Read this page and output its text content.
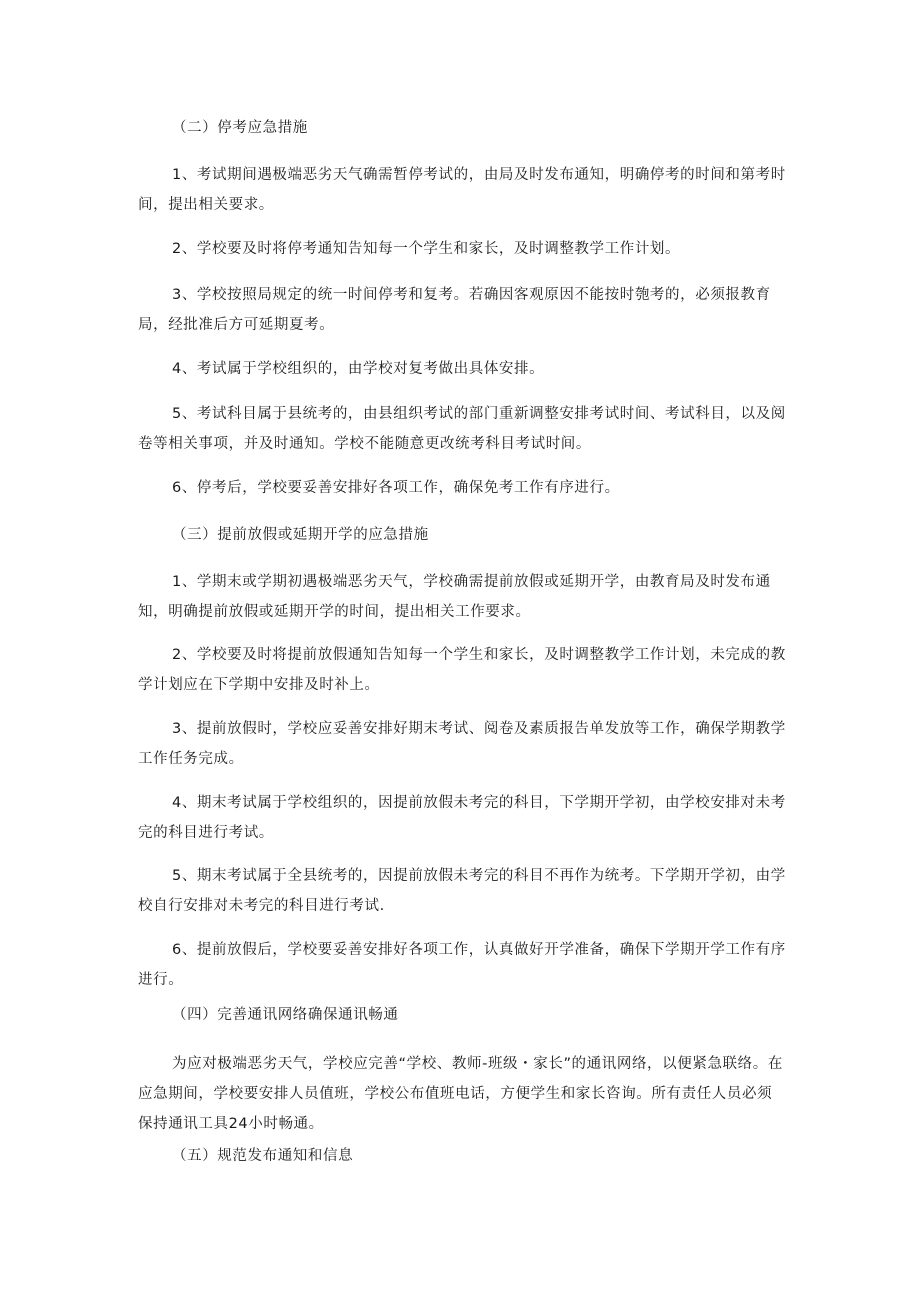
（二）停考应急措施
1、考试期间遇极端恶劣天气确需暂停考试的，由局及时发布通知，明确停考的时间和第考时间，提出相关要求。
2、学校要及时将停考通知告知每一个学生和家长，及时调整教学工作计划。
3、学校按照局规定的统一时间停考和复考。若确因客观原因不能按时匏考的，必须报教育局，经批准后方可延期夏考。
4、考试属于学校组织的，由学校对复考做出具体安排。
5、考试科目属于县统考的，由县组织考试的部门重新调整安排考试时间、考试科目，以及阅卷等相关事项，并及时通知。学校不能随意更改统考科目考试时间。
6、停考后，学校要妥善安排好各项工作，确保免考工作有序进行。
（三）提前放假或延期开学的应急措施
1、学期末或学期初遇极端恶劣天气，学校确需提前放假或延期开学，由教育局及时发布通知，明确提前放假或延期开学的时间，提出相关工作要求。
2、学校要及时将提前放假通知告知每一个学生和家长，及时调整教学工作计划，未完成的教学计划应在下学期中安排及时补上。
3、提前放假时，学校应妥善安排好期末考试、阅卷及素质报告单发放等工作，确保学期教学工作任务完成。
4、期末考试属于学校组织的，因提前放假未考完的科目，下学期开学初，由学校安排对未考完的科目进行考试。
5、期末考试属于全县统考的，因提前放假未考完的科目不再作为统考。下学期开学初，由学校自行安排对未考完的科目进行考试.
6、提前放假后，学校要妥善安排好各项工作，认真做好开学准备，确保下学期开学工作有序进行。
（四）完善通讯网络确保通讯畅通
为应对极端恶劣天气，学校应完善“学校、教师-班级・家长”的通讯网络，以便紧急联络。在应急期间，学校要安排人员值班，学校公布值班电话，方便学生和家长咨询。所有责任人员必须保持通讯工具24小时畅通。
（五）规范发布通知和信息
